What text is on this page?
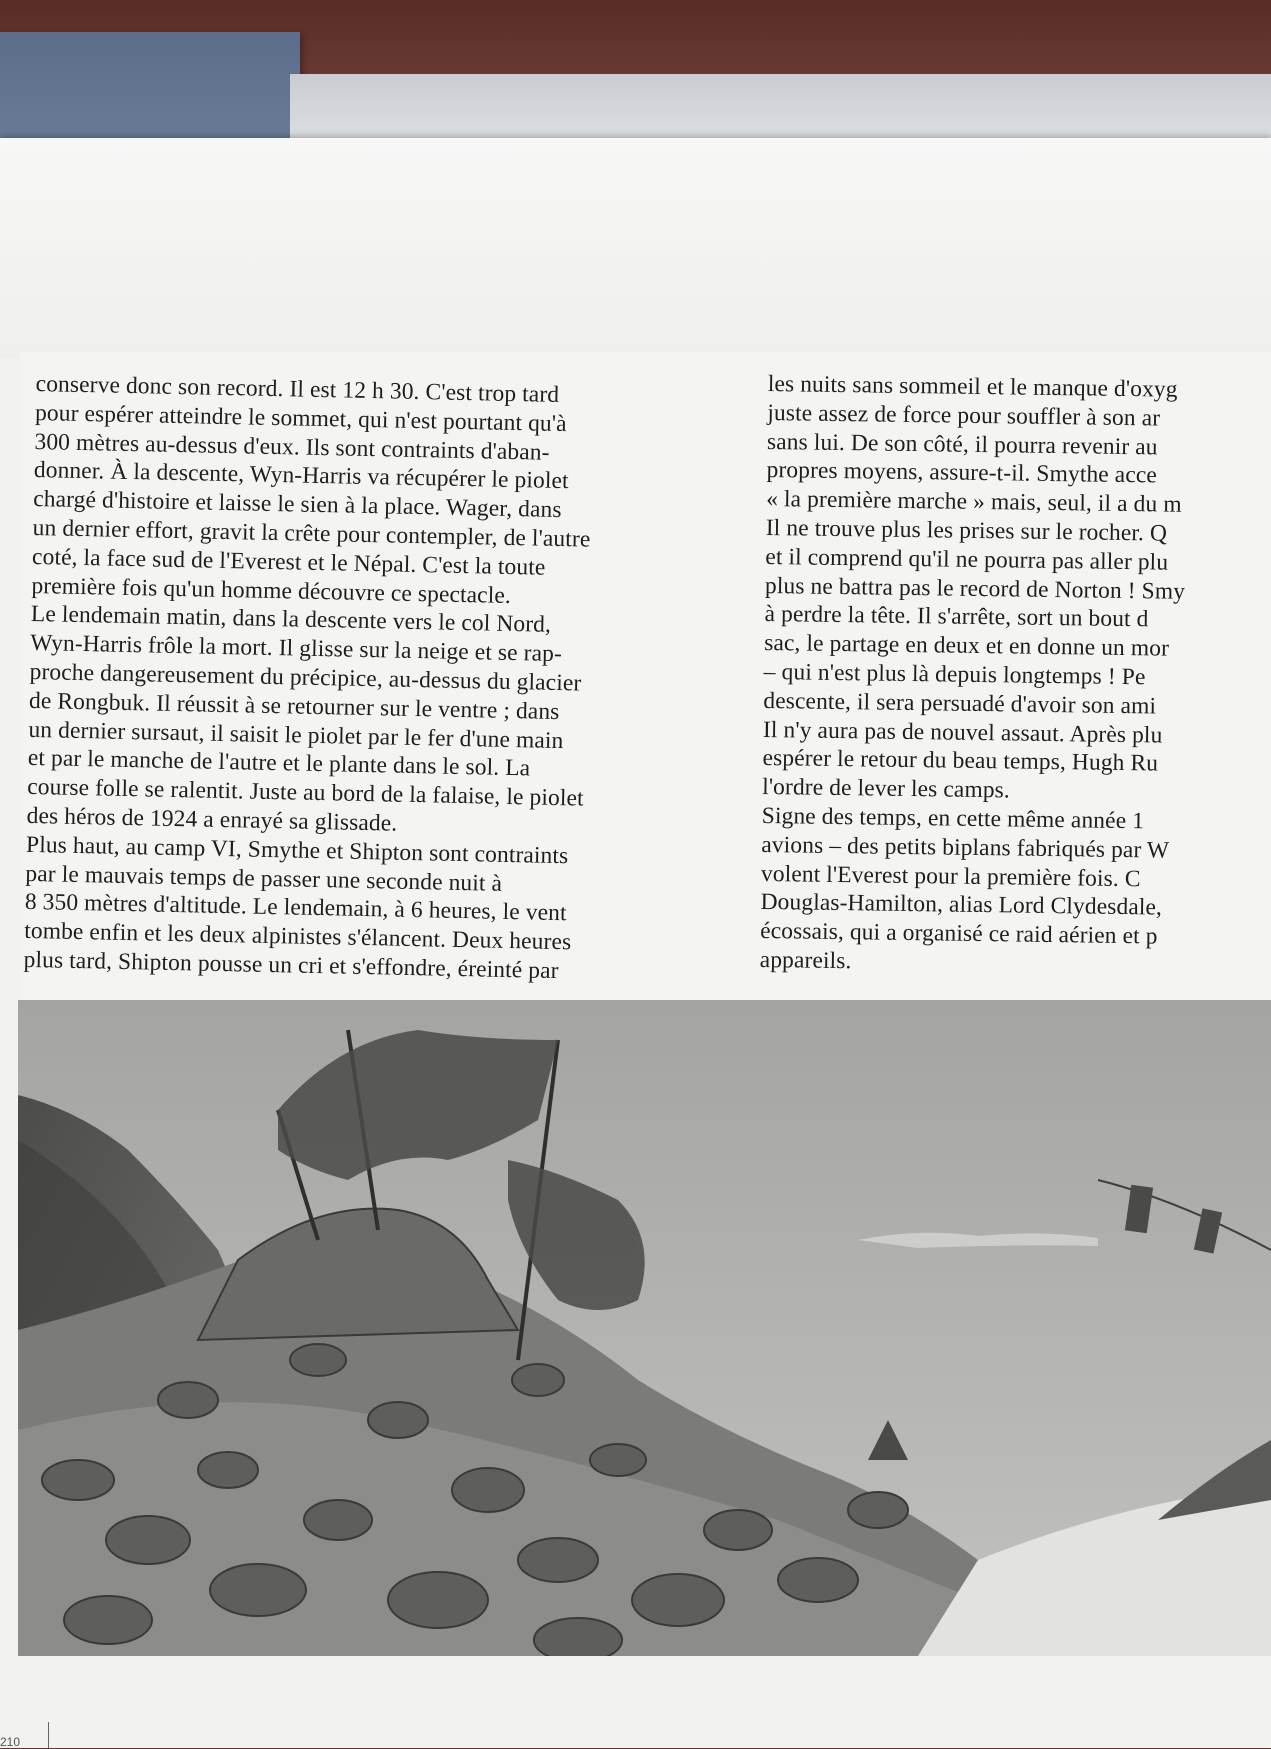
conserve donc son record. Il est 12 h 30. C'est trop tard

pour espérer atteindre le sommet, qui n'est pourtant qu'à

300 mètres au-dessus d'eux. Ils sont contraints d'aban-

donner. À la descente, Wyn-Harris va récupérer le piolet

chargé d'histoire et laisse le sien à la place. Wager, dans

un dernier effort, gravit la crête pour contempler, de l'autre

coté, la face sud de l'Everest et le Népal. C'est la toute

première fois qu'un homme découvre ce spectacle.

Le lendemain matin, dans la descente vers le col Nord,

Wyn-Harris frôle la mort. Il glisse sur la neige et se rap-

proche dangereusement du précipice, au-dessus du glacier

de Rongbuk. Il réussit à se retourner sur le ventre ; dans

un dernier sursaut, il saisit le piolet par le fer d'une main

et par le manche de l'autre et le plante dans le sol. La

course folle se ralentit. Juste au bord de la falaise, le piolet

des héros de 1924 a enrayé sa glissade.

Plus haut, au camp VI, Smythe et Shipton sont contraints

par le mauvais temps de passer une seconde nuit à

8 350 mètres d'altitude. Le lendemain, à 6 heures, le vent

tombe enfin et les deux alpinistes s'élancent. Deux heures

plus tard, Shipton pousse un cri et s'effondre, éreinté par

les nuits sans sommeil et le manque d'oxyg

juste assez de force pour souffler à son ar

sans lui. De son côté, il pourra revenir au

propres moyens, assure-t-il. Smythe acce

« la première marche » mais, seul, il a du m

Il ne trouve plus les prises sur le rocher. Q

et il comprend qu'il ne pourra pas aller plu

plus ne battra pas le record de Norton ! Smy

à perdre la tête. Il s'arrête, sort un bout d

sac, le partage en deux et en donne un mor

– qui n'est plus là depuis longtemps ! Pe

descente, il sera persuadé d'avoir son ami

Il n'y aura pas de nouvel assaut. Après plu

espérer le retour du beau temps, Hugh Ru

l'ordre de lever les camps.

Signe des temps, en cette même année 1

avions – des petits biplans fabriqués par W

volent l'Everest pour la première fois. C

Douglas-Hamilton, alias Lord Clydesdale,

écossais, qui a organisé ce raid aérien et p

appareils.

210
